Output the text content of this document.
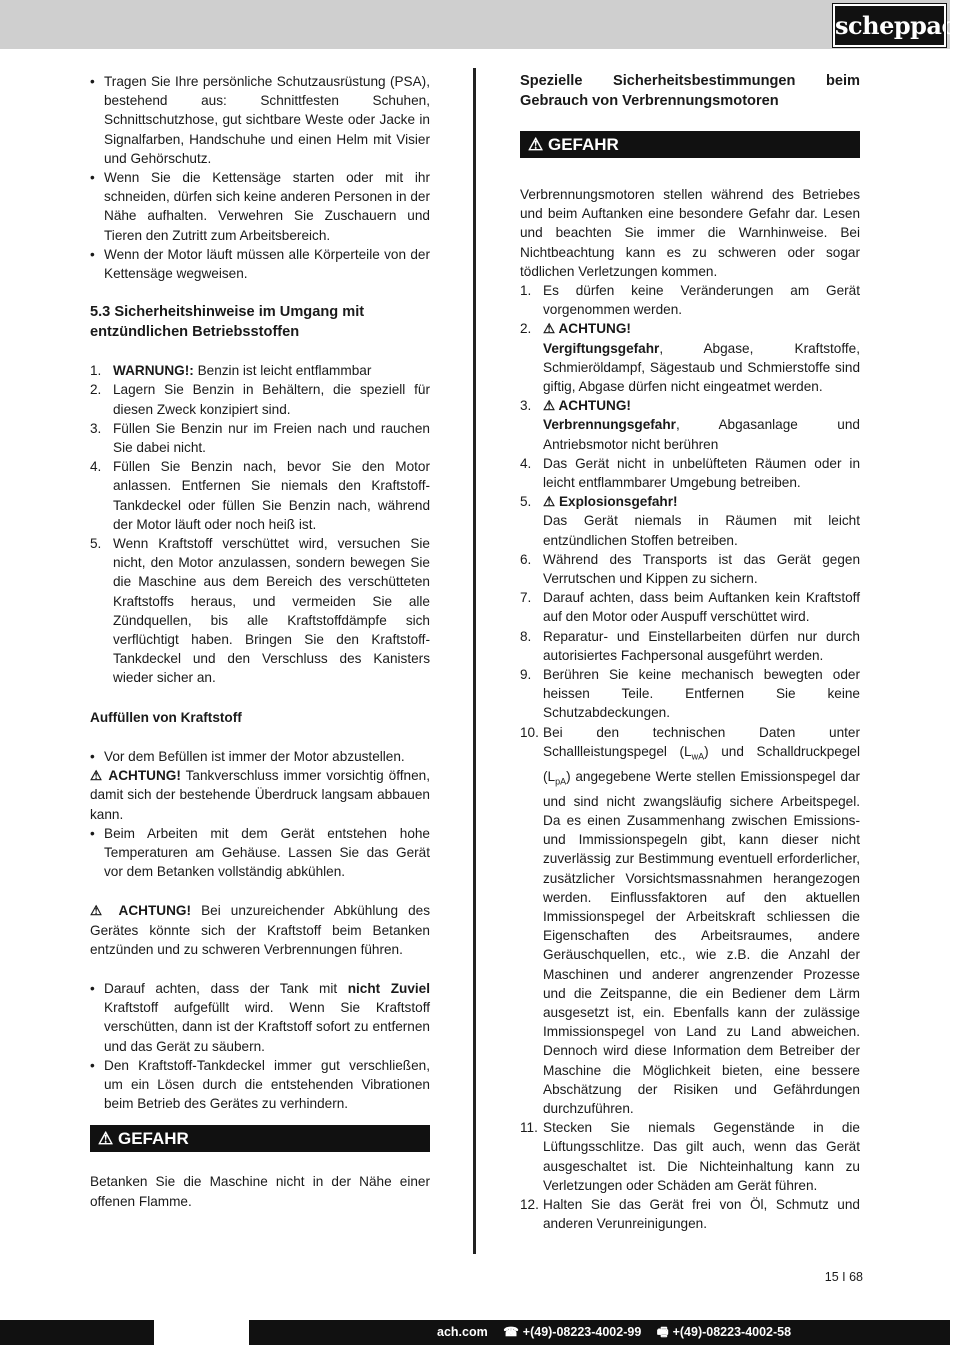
scheppach
• Tragen Sie Ihre persönliche Schutzausrüstung (PSA), bestehend aus: Schnittfesten Schuhen, Schnittschutzhose, gut sichtbare Weste oder Jacke in Signalfarben, Handschuhe und einen Helm mit Visier und Gehörschutz.
• Wenn Sie die Kettensäge starten oder mit ihr schneiden, dürfen sich keine anderen Personen in der Nähe aufhalten. Verwehren Sie Zuschauern und Tieren den Zutritt zum Arbeitsbereich.
• Wenn der Motor läuft müssen alle Körperteile von der Kettensäge wegweisen.
5.3 Sicherheitshinweise im Umgang mit entzündlichen Betriebsstoffen
1. WARNUNG!: Benzin ist leicht entflammbar
2. Lagern Sie Benzin in Behältern, die speziell für diesen Zweck konzipiert sind.
3. Füllen Sie Benzin nur im Freien nach und rauchen Sie dabei nicht.
4. Füllen Sie Benzin nach, bevor Sie den Motor anlassen. Entfernen Sie niemals den Kraftstoff-Tankdeckel oder füllen Sie Benzin nach, während der Motor läuft oder noch heiß ist.
5. Wenn Kraftstoff verschüttet wird, versuchen Sie nicht, den Motor anzulassen, sondern bewegen Sie die Maschine aus dem Bereich des verschütteten Kraftstoffs heraus, und vermeiden Sie alle Zündquellen, bis alle Kraftstoffdämpfe sich verflüchtigt haben. Bringen Sie den Kraftstoff-Tankdeckel und den Verschluss des Kanisters wieder sicher an.
Auffüllen von Kraftstoff
• Vor dem Befüllen ist immer der Motor abzustellen.

⚠ ACHTUNG! Tankverschluss immer vorsichtig öffnen, damit sich der bestehende Überdruck langsam abbauen kann.

• Beim Arbeiten mit dem Gerät entstehen hohe Temperaturen am Gehäuse. Lassen Sie das Gerät vor dem Betanken vollständig abkühlen.

⚠ ACHTUNG! Bei unzureichender Abkühlung des Gerätes könnte sich der Kraftstoff beim Betanken entzünden und zu schweren Verbrennungen führen.

• Darauf achten, dass der Tank mit nicht Zuviel Kraftstoff aufgefüllt wird. Wenn Sie Kraftstoff verschütten, dann ist der Kraftstoff sofort zu entfernen und das Gerät zu säubern.
• Den Kraftstoff-Tankdeckel immer gut verschließen, um ein Lösen durch die entstehenden Vibrationen beim Betrieb des Gerätes zu verhindern.
⚠ GEFAHR

Betanken Sie die Maschine nicht in der Nähe einer offenen Flamme.

Spezielle Sicherheitsbestimmungen beim Gebrauch von Verbrennungsmotoren
⚠ GEFAHR

Verbrennungsmotoren stellen während des Betriebes und beim Auftanken eine besondere Gefahr dar. Lesen und beachten Sie immer die Warnhinweise. Bei Nichtbeachtung kann es zu schweren oder sogar tödlichen Verletzungen kommen.

1. Es dürfen keine Veränderungen am Gerät vorgenommen werden.
2. ⚠ ACHTUNG!
Vergiftungsgefahr, Abgase, Kraftstoffe, Schmieröldampf, Sägestaub und Schmierstoffe sind giftig, Abgase dürfen nicht eingeatmet werden.
3. ⚠ ACHTUNG!
Verbrennungsgefahr, Abgasanlage und Antriebsmotor nicht berühren
4. Das Gerät nicht in unbelüfteten Räumen oder in leicht entflammbarer Umgebung betreiben.
5. ⚠ Explosionsgefahr!
Das Gerät niemals in Räumen mit leicht entzündlichen Stoffen betreiben.
6. Während des Transports ist das Gerät gegen Verrutschen und Kippen zu sichern.
7. Darauf achten, dass beim Auftanken kein Kraftstoff auf den Motor oder Auspuff verschüttet wird.
8. Reparatur- und Einstellarbeiten dürfen nur durch autorisiertes Fachpersonal ausgeführt werden.
9. Berühren Sie keine mechanisch bewegten oder heissen Teile. Entfernen Sie keine Schutzabdeckungen.
10. Bei den technischen Daten unter Schallleistungspegel $(L_{wA})$ und Schalldruckpegel $(L_{pA})$ angegebene Werte stellen Emissionspegel dar und sind nicht zwangsläufig sichere Arbeitspegel. Da es einen Zusammenhang zwischen Emissions- und Immissionspegeln gibt, kann dieser nicht zuverlässig zur Bestimmung eventuell erforderlicher, zusätzlicher Vorsichtsmassnahmen herangezogen werden. Einflussfaktoren auf den aktuellen Immissionspegel der Arbeitskraft schliessen die Eigenschaften des Arbeitsraumes, andere Geräuschquellen, etc., wie z.B. die Anzahl der Maschinen und anderer angrenzender Prozesse und die Zeitspanne, die ein Bediener dem Lärm ausgesetzt ist, ein. Ebenfalls kann der zulässige Immissionspegel von Land zu Land abweichen. Dennoch wird diese Information dem Betreiber der Maschine die Möglichkeit bieten, eine bessere Abschätzung der Risiken und Gefährdungen durchzuführen.
11. Stecken Sie niemals Gegenstände in die Lüftungsschlitze. Das gilt auch, wenn das Gerät ausgeschaltet ist. Die Nichteinhaltung kann zu Verletzungen oder Schäden am Gerät führen.
12. Halten Sie das Gerät frei von Öl, Schmutz und anderen Verunreinigungen.
15 I 68
ach.com ☎ +(49)-08223-4002-99 🖷 +(49)-08223-4002-58
